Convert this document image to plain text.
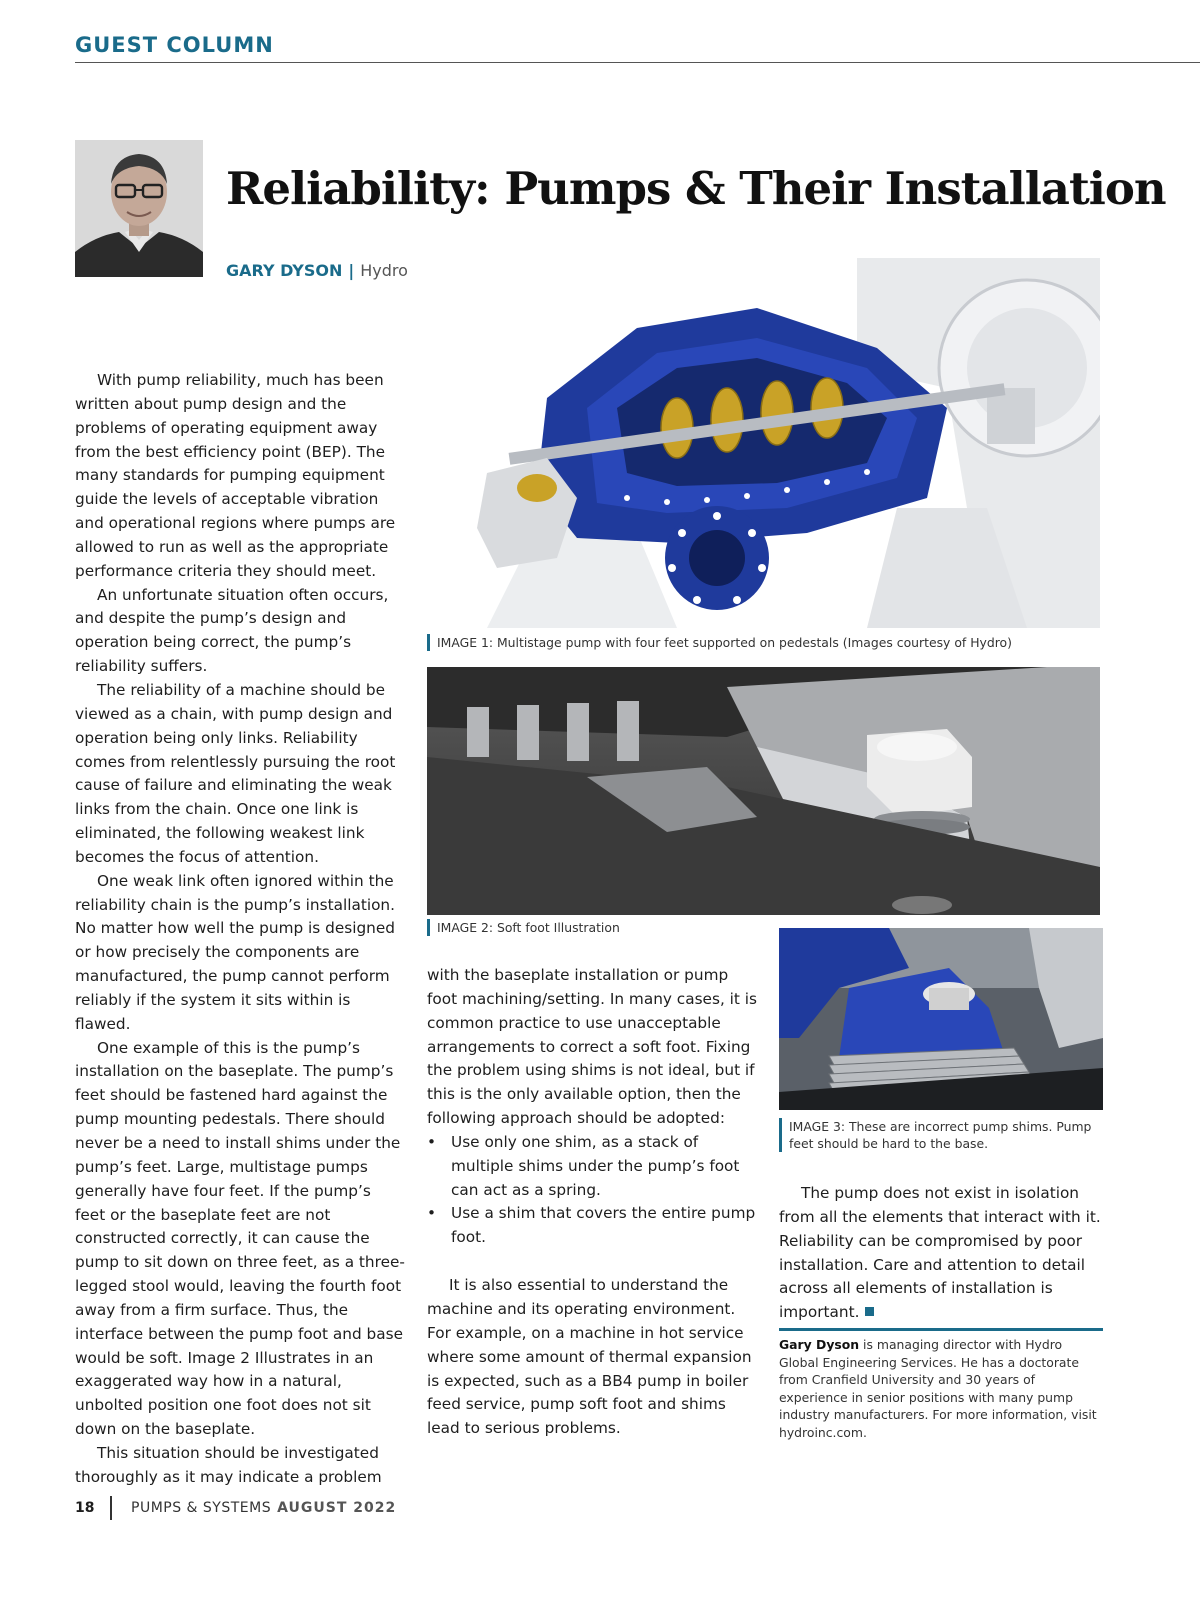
GUEST COLUMN
Reliability: Pumps & Their Installation
GARY DYSON | Hydro

With pump reliability, much has been written about pump design and the problems of operating equipment away from the best efficiency point (BEP). The many standards for pumping equipment guide the levels of acceptable vibration and operational regions where pumps are allowed to run as well as the appropriate performance criteria they should meet.

An unfortunate situation often occurs, and despite the pump’s design and operation being correct, the pump’s reliability suffers.

The reliability of a machine should be viewed as a chain, with pump design and operation being only links. Reliability comes from relentlessly pursuing the root cause of failure and eliminating the weak links from the chain. Once one link is eliminated, the following weakest link becomes the focus of attention.

One weak link often ignored within the reliability chain is the pump’s installation. No matter how well the pump is designed or how precisely the components are manufactured, the pump cannot perform reliably if the system it sits within is flawed.

One example of this is the pump’s installation on the baseplate. The pump’s feet should be fastened hard against the pump mounting pedestals. There should never be a need to install shims under the pump’s feet. Large, multistage pumps generally have four feet. If the pump’s feet or the baseplate feet are not constructed correctly, it can cause the pump to sit down on three feet, as a three-legged stool would, leaving the fourth foot away from a firm surface. Thus, the interface between the pump foot and base would be soft. Image 2 Illustrates in an exaggerated way how in a natural, unbolted position one foot does not sit down on the baseplate.

This situation should be investigated thoroughly as it may indicate a problem

IMAGE 1: Multistage pump with four feet supported on pedestals (Images courtesy of Hydro)
IMAGE 2: Soft foot Illustration

with the baseplate installation or pump foot machining/setting. In many cases, it is common practice to use unacceptable arrangements to correct a soft foot. Fixing the problem using shims is not ideal, but if this is the only available option, then the following approach should be adopted:

• Use only one shim, as a stack of multiple shims under the pump’s foot can act as a spring.
• Use a shim that covers the entire pump foot.

It is also essential to understand the machine and its operating environment. For example, on a machine in hot service where some amount of thermal expansion is expected, such as a BB4 pump in boiler feed service, pump soft foot and shims lead to serious problems.

IMAGE 3: These are incorrect pump shims. Pump feet should be hard to the base.

The pump does not exist in isolation from all the elements that interact with it. Reliability can be compromised by poor installation. Care and attention to detail across all elements of installation is important.

Gary Dyson is managing director with Hydro Global Engineering Services. He has a doctorate from Cranfield University and 30 years of experience in senior positions with many pump industry manufacturers. For more information, visit hydroinc.com.
18	PUMPS & SYSTEMS AUGUST 2022
